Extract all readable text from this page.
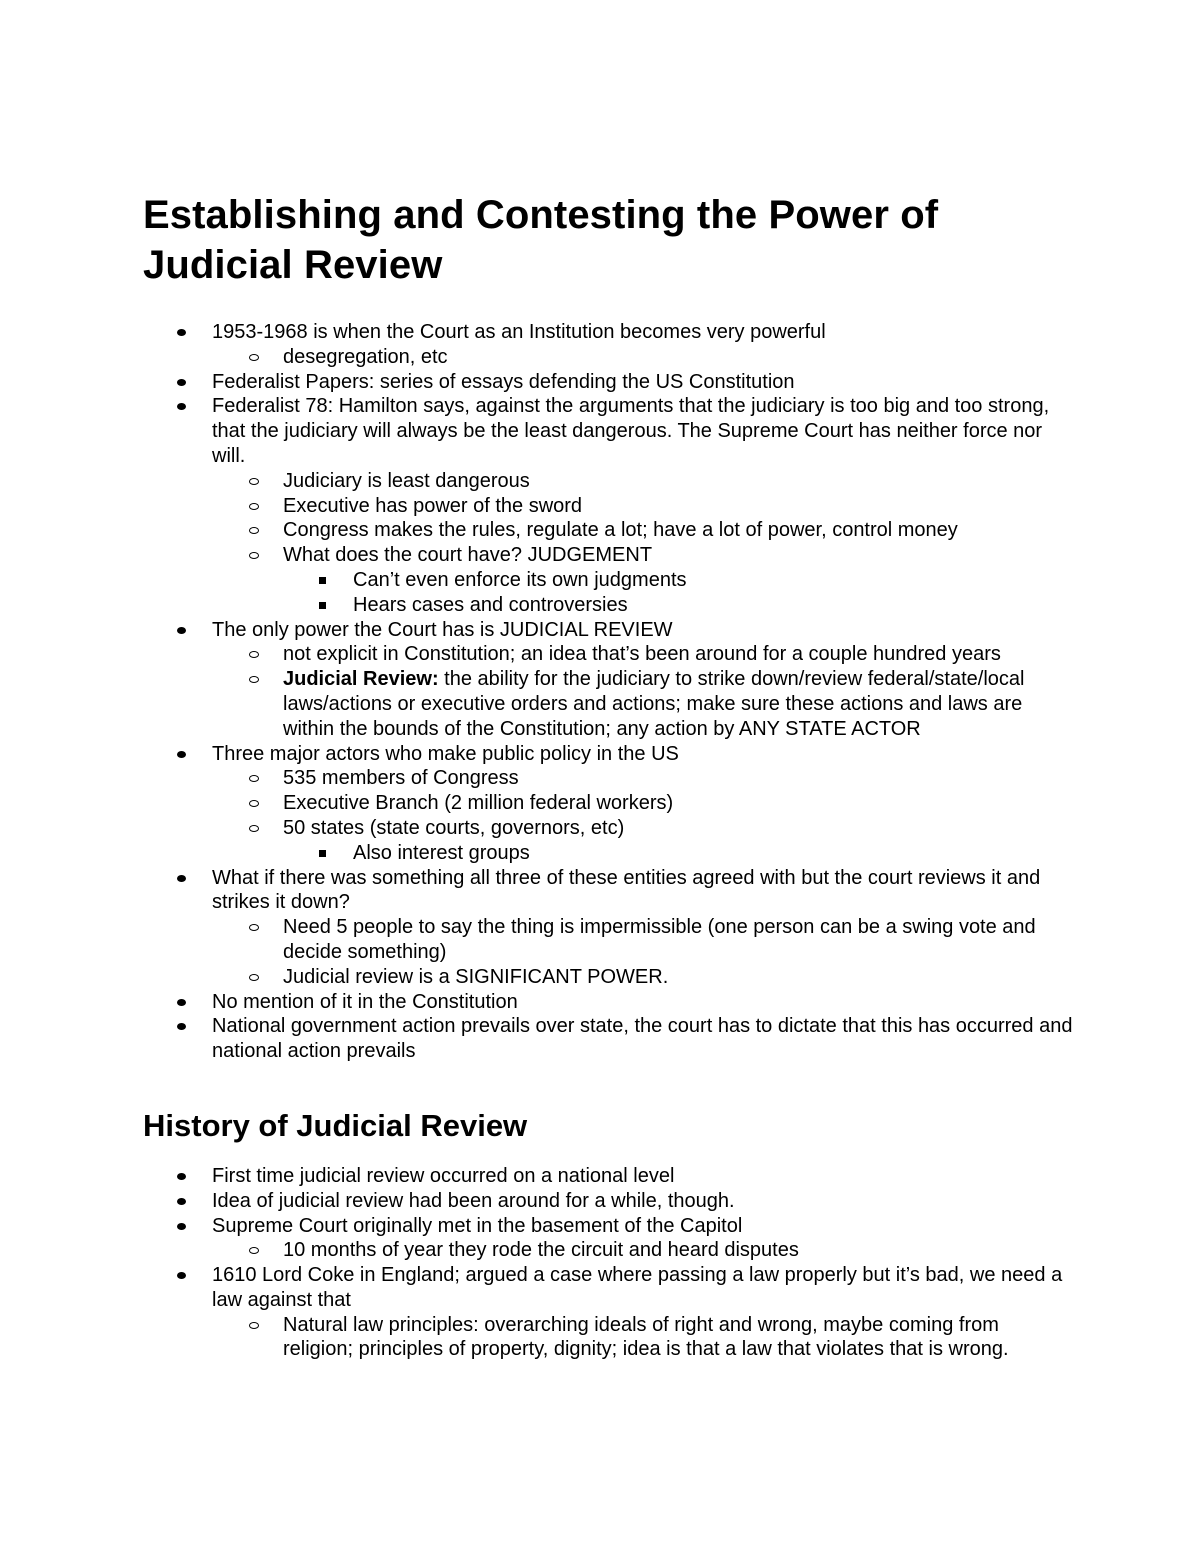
Establishing and Contesting the Power of Judicial Review
1953-1968 is when the Court as an Institution becomes very powerful
desegregation, etc
Federalist Papers: series of essays defending the US Constitution
Federalist 78: Hamilton says, against the arguments that the judiciary is too big and too strong, that the judiciary will always be the least dangerous. The Supreme Court has neither force nor will.
Judiciary is least dangerous
Executive has power of the sword
Congress makes the rules, regulate a lot; have a lot of power, control money
What does the court have? JUDGEMENT
Can’t even enforce its own judgments
Hears cases and controversies
The only power the Court has is JUDICIAL REVIEW
not explicit in Constitution; an idea that’s been around for a couple hundred years
Judicial Review: the ability for the judiciary to strike down/review federal/state/local laws/actions or executive orders and actions; make sure these actions and laws are within the bounds of the Constitution; any action by ANY STATE ACTOR
Three major actors who make public policy in the US
535 members of Congress
Executive Branch (2 million federal workers)
50 states (state courts, governors, etc)
Also interest groups
What if there was something all three of these entities agreed with but the court reviews it and strikes it down?
Need 5 people to say the thing is impermissible (one person can be a swing vote and decide something)
Judicial review is a SIGNIFICANT POWER.
No mention of it in the Constitution
National government action prevails over state, the court has to dictate that this has occurred and national action prevails
History of Judicial Review
First time judicial review occurred on a national level
Idea of judicial review had been around for a while, though.
Supreme Court originally met in the basement of the Capitol
10 months of year they rode the circuit and heard disputes
1610 Lord Coke in England; argued a case where passing a law properly but it’s bad, we need a law against that
Natural law principles: overarching ideals of right and wrong, maybe coming from religion; principles of property, dignity; idea is that a law that violates that is wrong.
